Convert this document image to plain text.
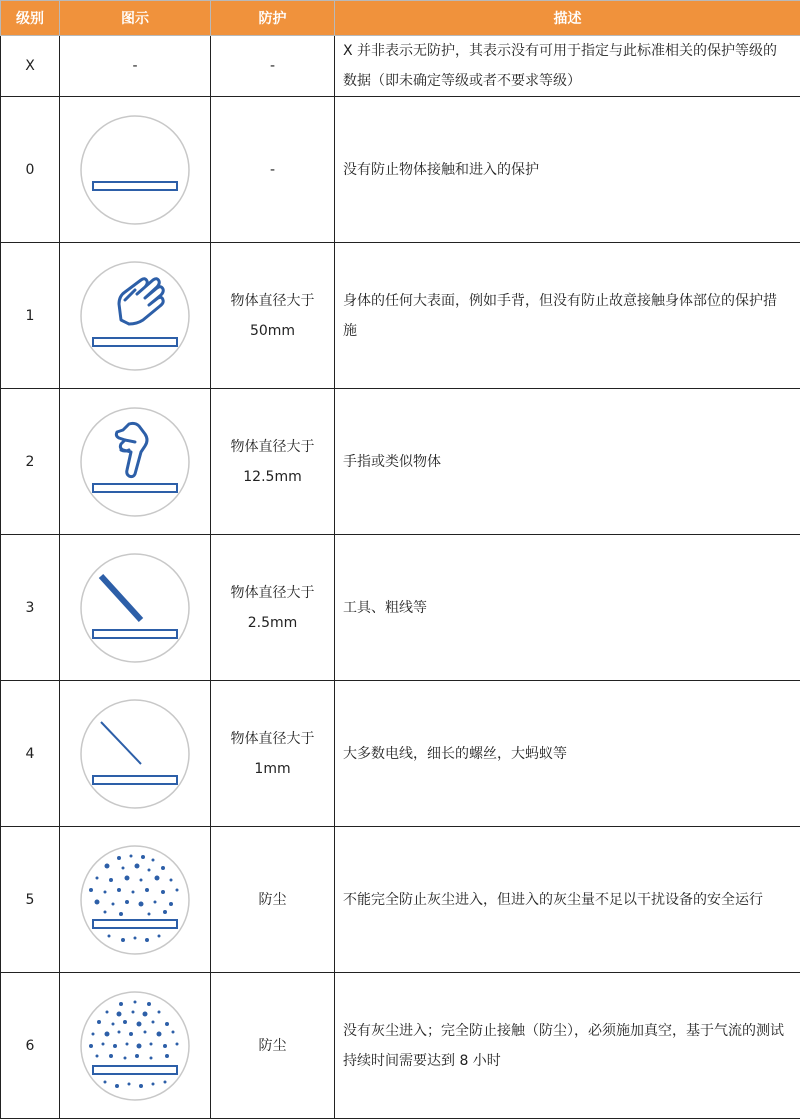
级别	图示	防护	描述
X	-	-	X 并非表示无防护，其表示没有可用于指定与此标准相关的保护等级的数据（即未确定等级或者不要求等级）
0		-	没有防止物体接触和进入的保护
1		物体直径大于 50mm	身体的任何大表面，例如手背，但没有防止故意接触身体部位的保护措施
2		物体直径大于 12.5mm	手指或类似物体
3		物体直径大于 2.5mm	工具、粗线等
4		物体直径大于 1mm	大多数电线，细长的螺丝，大蚂蚁等
5		防尘	不能完全防止灰尘进入，但进入的灰尘量不足以干扰设备的安全运行
6		防尘	没有灰尘进入；完全防止接触（防尘），必须施加真空，基于气流的测试持续时间需要达到 8 小时
